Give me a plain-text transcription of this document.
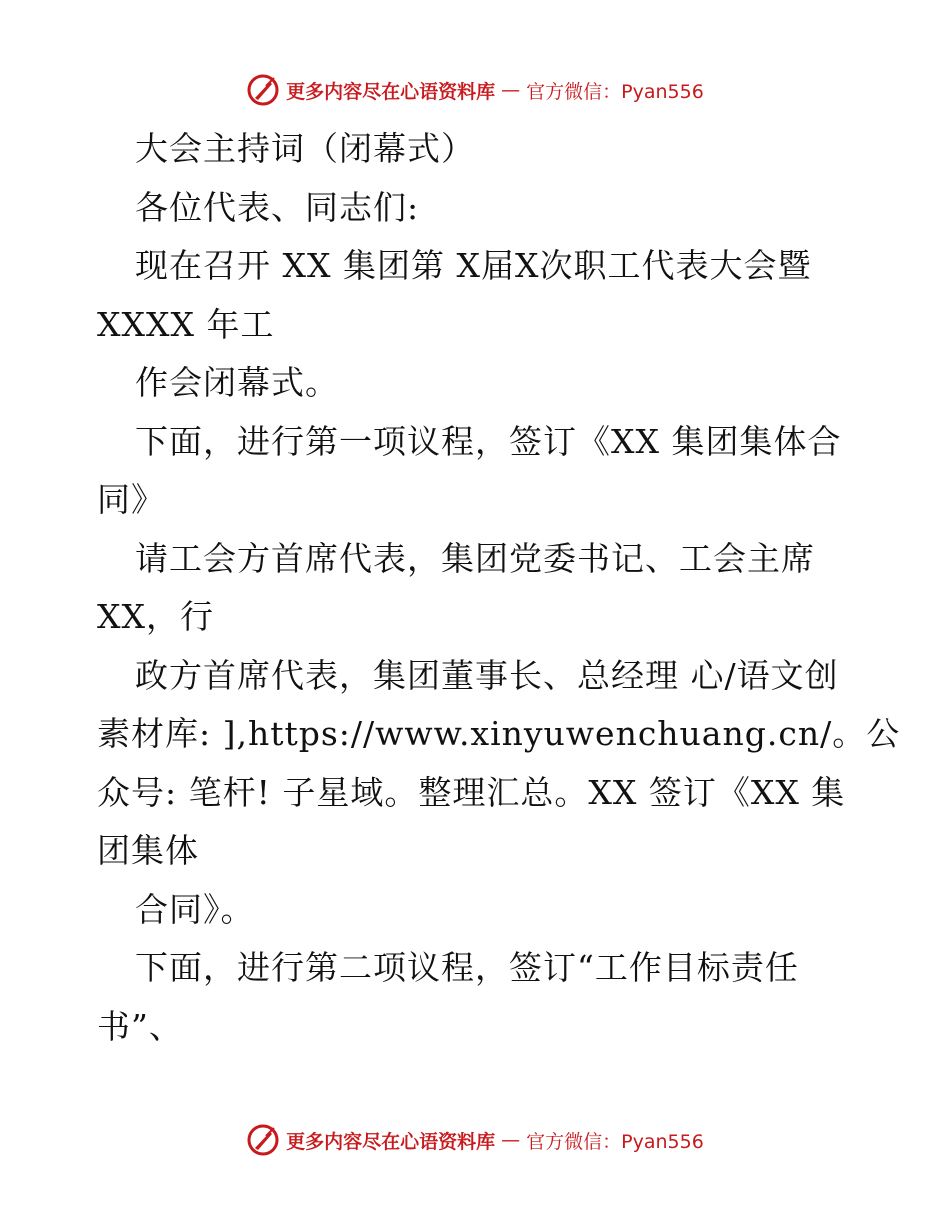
更多内容尽在心语资料库 — 官方微信：Pyan556
大会主持词（闭幕式）
各位代表、同志们:
现在召开 XX 集团第 X届X次职工代表大会暨
XXXX 年工
作会闭幕式。
下面，进行第一项议程，签订《XX 集团集体合
同》
请工会方首席代表，集团党委书记、工会主席
XX，行
政方首席代表，集团董事长、总经理 心/语文创
素材库: ],https://www.xinyuwenchuang.cn/。公
众号: 笔杆! 子星域。整理汇总。XX 签订《XX 集
团集体
合同》。
下面，进行第二项议程，签订“工作目标责任
书”、
更多内容尽在心语资料库 — 官方微信：Pyan556
